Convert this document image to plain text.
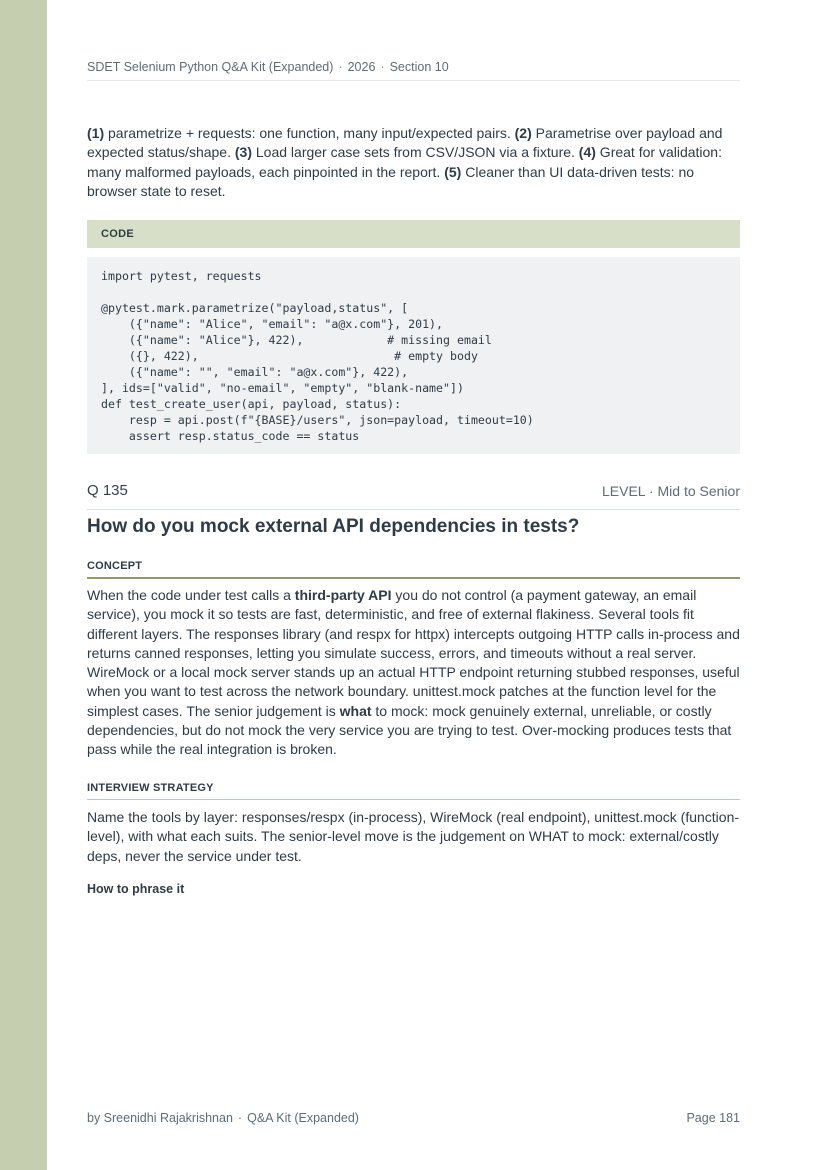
SDET Selenium Python Q&A Kit (Expanded) · 2026 · Section 10
(1) parametrize + requests: one function, many input/expected pairs. (2) Parametrise over payload and expected status/shape. (3) Load larger case sets from CSV/JSON via a fixture. (4) Great for validation: many malformed payloads, each pinpointed in the report. (5) Cleaner than UI data-driven tests: no browser state to reset.
CODE
import pytest, requests

@pytest.mark.parametrize("payload,status", [
({"name": "Alice", "email": "a@x.com"}, 201),
({"name": "Alice"}, 422),            # missing email
({}, 422),                            # empty body
({"name": "", "email": "a@x.com"}, 422),
], ids=["valid", "no-email", "empty", "blank-name"])
def test_create_user(api, payload, status):
resp = api.post(f"{BASE}/users", json=payload, timeout=10)
assert resp.status_code == status
Q 135	LEVEL · Mid to Senior
How do you mock external API dependencies in tests?
CONCEPT
When the code under test calls a third-party API you do not control (a payment gateway, an email service), you mock it so tests are fast, deterministic, and free of external flakiness. Several tools fit different layers. The responses library (and respx for httpx) intercepts outgoing HTTP calls in-process and returns canned responses, letting you simulate success, errors, and timeouts without a real server. WireMock or a local mock server stands up an actual HTTP endpoint returning stubbed responses, useful when you want to test across the network boundary. unittest.mock patches at the function level for the simplest cases. The senior judgement is what to mock: mock genuinely external, unreliable, or costly dependencies, but do not mock the very service you are trying to test. Over-mocking produces tests that pass while the real integration is broken.
INTERVIEW STRATEGY
Name the tools by layer: responses/respx (in-process), WireMock (real endpoint), unittest.mock (function-level), with what each suits. The senior-level move is the judgement on WHAT to mock: external/costly deps, never the service under test.
How to phrase it
by Sreenidhi Rajakrishnan · Q&A Kit (Expanded)	Page 181
